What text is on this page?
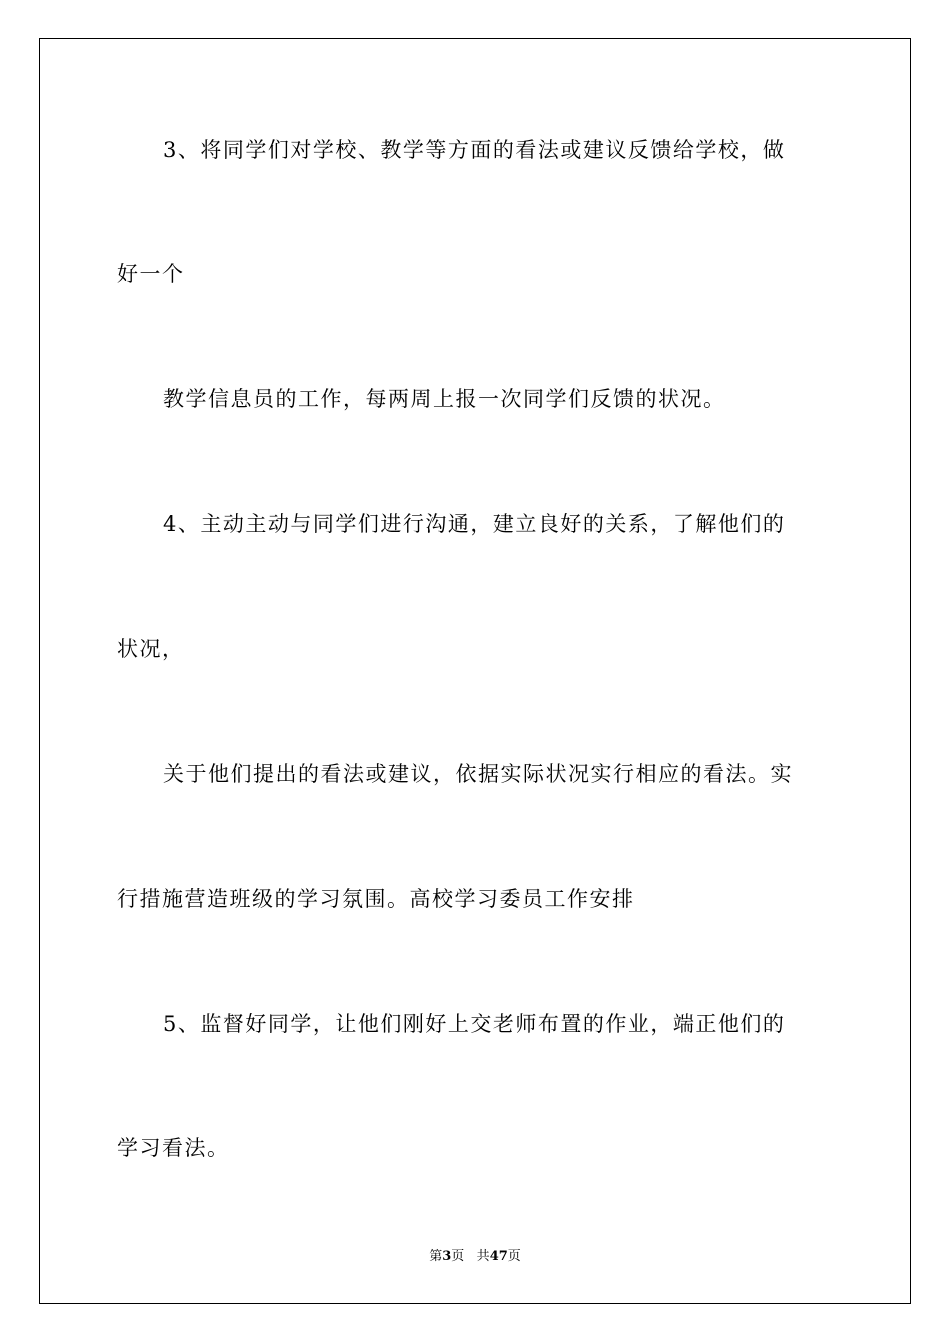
3、将同学们对学校、教学等方面的看法或建议反馈给学校，做
好一个
教学信息员的工作，每两周上报一次同学们反馈的状况。
4、主动主动与同学们进行沟通，建立良好的关系，了解他们的
状况，
关于他们提出的看法或建议，依据实际状况实行相应的看法。实
行措施营造班级的学习氛围。高校学习委员工作安排
5、监督好同学，让他们刚好上交老师布置的作业，端正他们的
学习看法。
第3页 共47页
